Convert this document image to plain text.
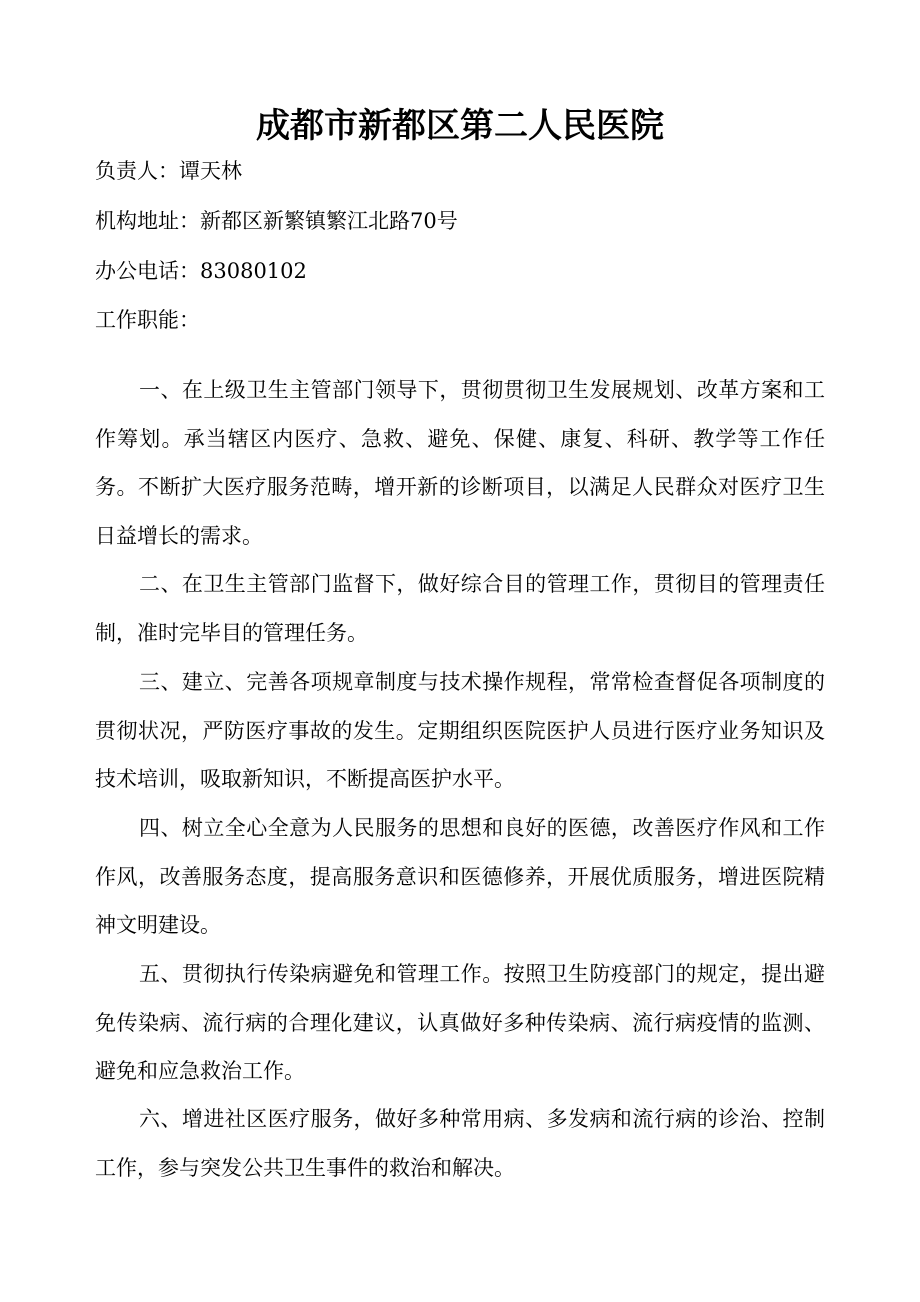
成都市新都区第二人民医院
负责人：谭天林
机构地址：新都区新繁镇繁江北路70号
办公电话：83080102
工作职能：

一、在上级卫生主管部门领导下，贯彻贯彻卫生发展规划、改革方案和工作筹划。承当辖区内医疗、急救、避免、保健、康复、科研、教学等工作任务。不断扩大医疗服务范畴，增开新的诊断项目，以满足人民群众对医疗卫生日益增长的需求。

二、在卫生主管部门监督下，做好综合目的管理工作，贯彻目的管理责任制，准时完毕目的管理任务。

三、建立、完善各项规章制度与技术操作规程，常常检查督促各项制度的贯彻状况，严防医疗事故的发生。定期组织医院医护人员进行医疗业务知识及技术培训，吸取新知识，不断提高医护水平。

四、树立全心全意为人民服务的思想和良好的医德，改善医疗作风和工作作风，改善服务态度，提高服务意识和医德修养，开展优质服务，增进医院精神文明建设。

五、贯彻执行传染病避免和管理工作。按照卫生防疫部门的规定，提出避免传染病、流行病的合理化建议，认真做好多种传染病、流行病疫情的监测、避免和应急救治工作。

六、增进社区医疗服务，做好多种常用病、多发病和流行病的诊治、控制工作，参与突发公共卫生事件的救治和解决。
